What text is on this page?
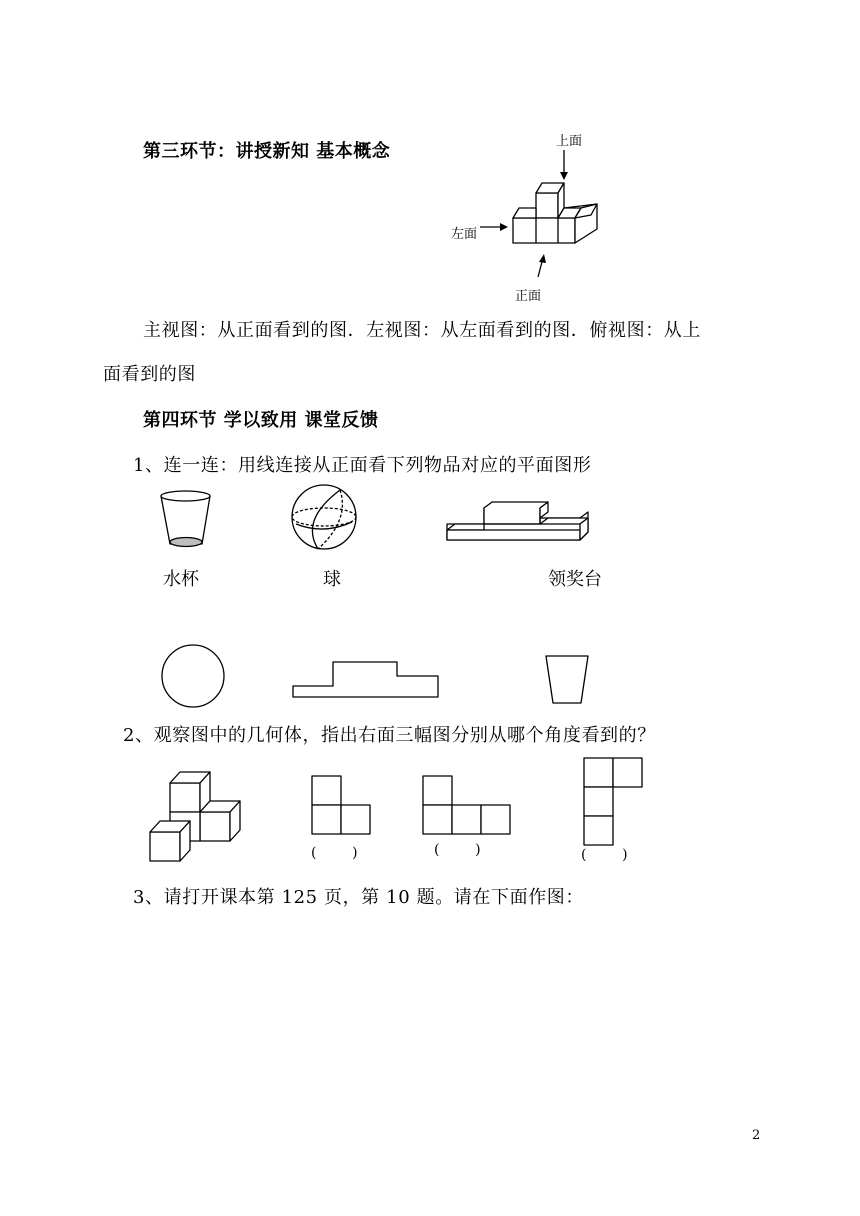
第三环节：讲授新知 基本概念	上面
左面
正面
主视图：从正面看到的图．左视图：从左面看到的图．俯视图：从上
面看到的图
第四环节 学以致用 课堂反馈
1、连一连：用线连接从正面看下列物品对应的平面图形
水杯	球	领奖台
2、观察图中的几何体，指出右面三幅图分别从哪个角度看到的？
(        )	(        )	(        )
3、请打开课本第 125 页，第 10 题。请在下面作图：
2
